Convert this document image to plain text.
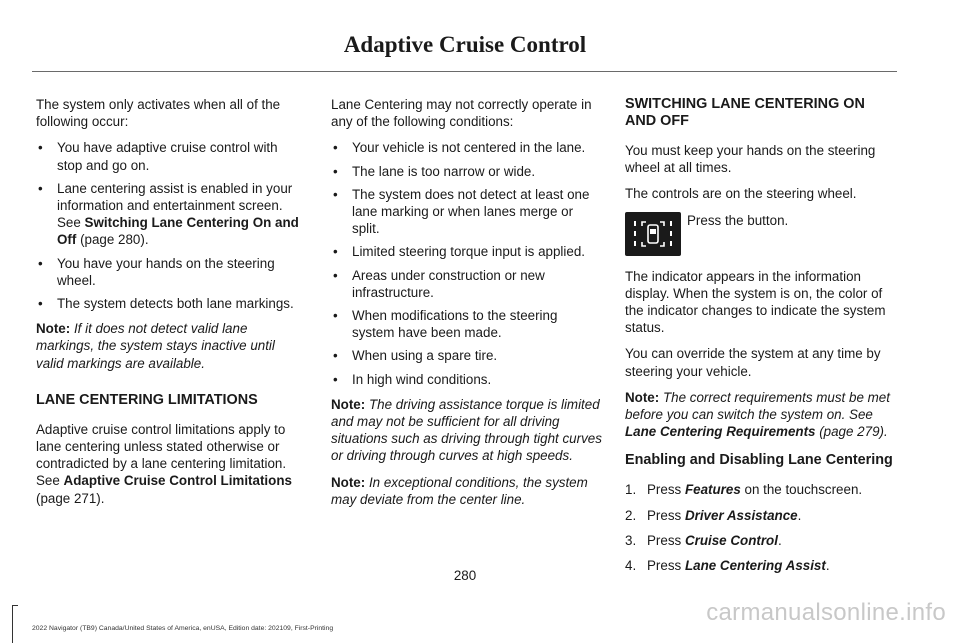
Adaptive Cruise Control

The system only activates when all of the following occur:

• You have adaptive cruise control with stop and go on.
• Lane centering assist is enabled in your information and entertainment screen. See Switching Lane Centering On and Off (page 280).
• You have your hands on the steering wheel.
• The system detects both lane markings.

Note: If it does not detect valid lane markings, the system stays inactive until valid markings are available.

LANE CENTERING LIMITATIONS

Adaptive cruise control limitations apply to lane centering unless stated otherwise or contradicted by a lane centering limitation. See Adaptive Cruise Control Limitations (page 271).

Lane Centering may not correctly operate in any of the following conditions:

• Your vehicle is not centered in the lane.
• The lane is too narrow or wide.
• The system does not detect at least one lane marking or when lanes merge or split.
• Limited steering torque input is applied.
• Areas under construction or new infrastructure.
• When modifications to the steering system have been made.
• When using a spare tire.
• In high wind conditions.

Note: The driving assistance torque is limited and may not be sufficient for all driving situations such as driving through tight curves or driving through curves at high speeds.

Note: In exceptional conditions, the system may deviate from the center line.

SWITCHING LANE CENTERING ON AND OFF

You must keep your hands on the steering wheel at all times.

The controls are on the steering wheel.

Press the button.

The indicator appears in the information display. When the system is on, the color of the indicator changes to indicate the system status.

You can override the system at any time by steering your vehicle.

Note: The correct requirements must be met before you can switch the system on. See Lane Centering Requirements (page 279).

Enabling and Disabling Lane Centering
1. Press Features on the touchscreen.
2. Press Driver Assistance.
3. Press Cruise Control.
4. Press Lane Centering Assist.
280
2022 Navigator (TB9) Canada/United States of America, enUSA, Edition date: 202109, First-Printing
carmanualsonline.info
